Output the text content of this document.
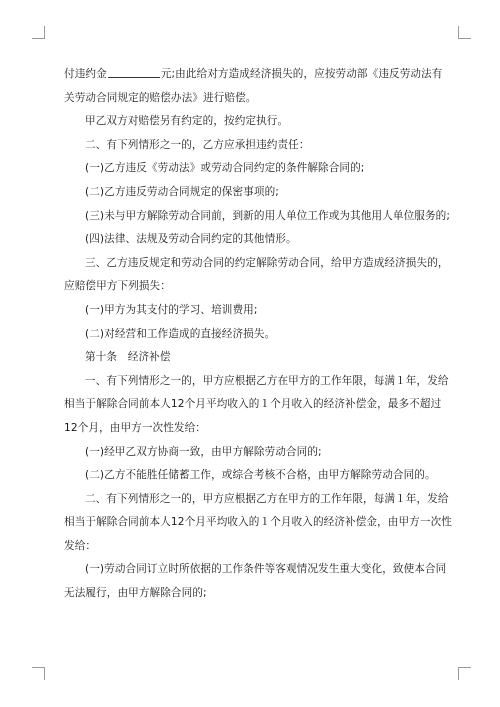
付违约金	元;由此给对方造成经济损失的，应按劳动部《违反劳动法有关劳动合同规定的赔偿办法》进行赔偿。

甲乙双方对赔偿另有约定的，按约定执行。

二、有下列情形之一的，乙方应承担违约责任：

(一)乙方违反《劳动法》或劳动合同约定的条件解除合同的;

(二)乙方违反劳动合同规定的保密事项的;

(三)未与甲方解除劳动合同前，到新的用人单位工作或为其他用人单位服务的;

(四)法律、法规及劳动合同约定的其他情形。

三、乙方违反规定和劳动合同的约定解除劳动合同，给甲方造成经济损失的，应赔偿甲方下列损失：

(一)甲方为其支付的学习、培训费用;

(二)对经营和工作造成的直接经济损失。

第十条　经济补偿

一、有下列情形之一的，甲方应根据乙方在甲方的工作年限，每满１年，发给相当于解除合同前本人12个月平均收入的１个月收入的经济补偿金，最多不超过12个月，由甲方一次性发给：

(一)经甲乙双方协商一致，由甲方解除劳动合同的;

(二)乙方不能胜任储蓄工作，或综合考核不合格，由甲方解除劳动合同的。

二、有下列情形之一的，甲方应根据乙方在甲方的工作年限，每满１年，发给相当于解除合同前本人12个月平均收入的１个月收入的经济补偿金，由甲方一次性发给：

(一)劳动合同订立时所依据的工作条件等客观情况发生重大变化，致使本合同无法履行，由甲方解除合同的;
